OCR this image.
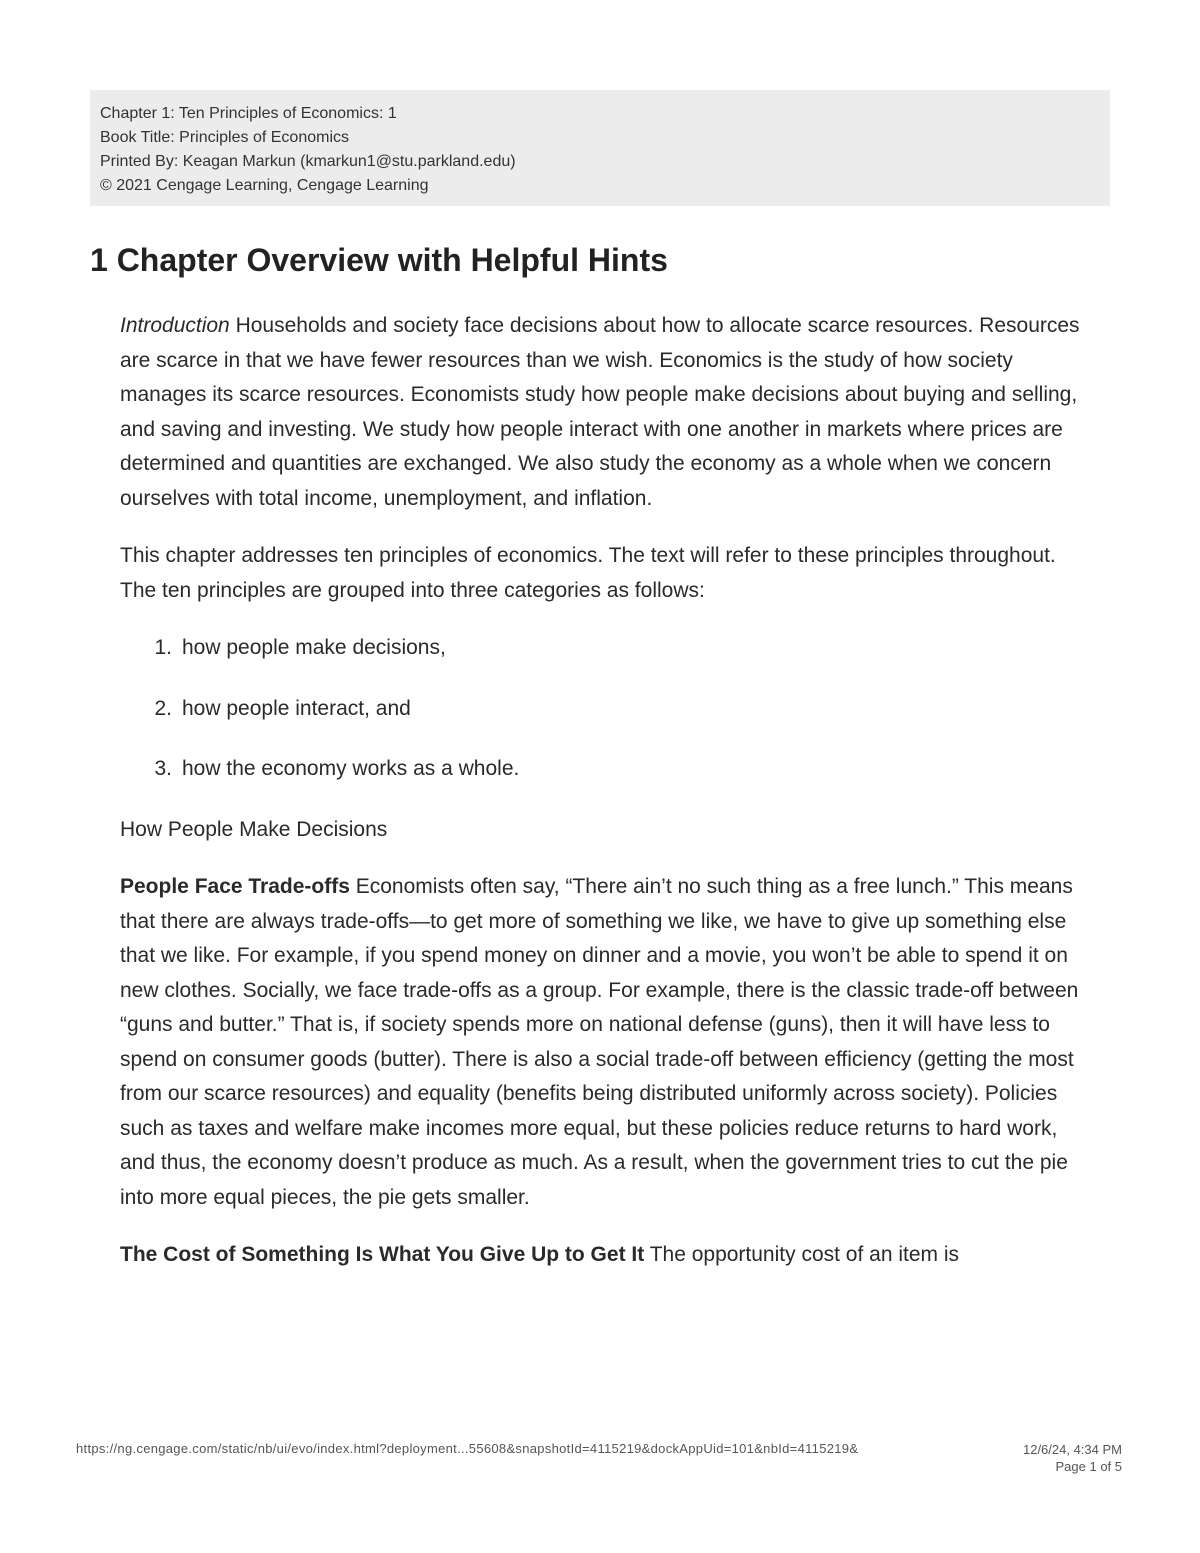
Chapter 1: Ten Principles of Economics: 1
Book Title: Principles of Economics
Printed By: Keagan Markun (kmarkun1@stu.parkland.edu)
© 2021 Cengage Learning, Cengage Learning
1 Chapter Overview with Helpful Hints

Introduction Households and society face decisions about how to allocate scarce resources. Resources are scarce in that we have fewer resources than we wish. Economics is the study of how society manages its scarce resources. Economists study how people make decisions about buying and selling, and saving and investing. We study how people interact with one another in markets where prices are determined and quantities are exchanged. We also study the economy as a whole when we concern ourselves with total income, unemployment, and inflation.

This chapter addresses ten principles of economics. The text will refer to these principles throughout. The ten principles are grouped into three categories as follows:

1. how people make decisions,
2. how people interact, and
3. how the economy works as a whole.

How People Make Decisions

People Face Trade-offs Economists often say, “There ain’t no such thing as a free lunch.” This means that there are always trade-offs—to get more of something we like, we have to give up something else that we like. For example, if you spend money on dinner and a movie, you won’t be able to spend it on new clothes. Socially, we face trade-offs as a group. For example, there is the classic trade-off between “guns and butter.” That is, if society spends more on national defense (guns), then it will have less to spend on consumer goods (butter). There is also a social trade-off between efficiency (getting the most from our scarce resources) and equality (benefits being distributed uniformly across society). Policies such as taxes and welfare make incomes more equal, but these policies reduce returns to hard work, and thus, the economy doesn’t produce as much. As a result, when the government tries to cut the pie into more equal pieces, the pie gets smaller.

The Cost of Something Is What You Give Up to Get It The opportunity cost of an item is

https://ng.cengage.com/static/nb/ui/evo/index.html?deployment...55608&snapshotId=4115219&dockAppUid=101&nbId=4115219&	12/6/24, 4:34 PM
Page 1 of 5
